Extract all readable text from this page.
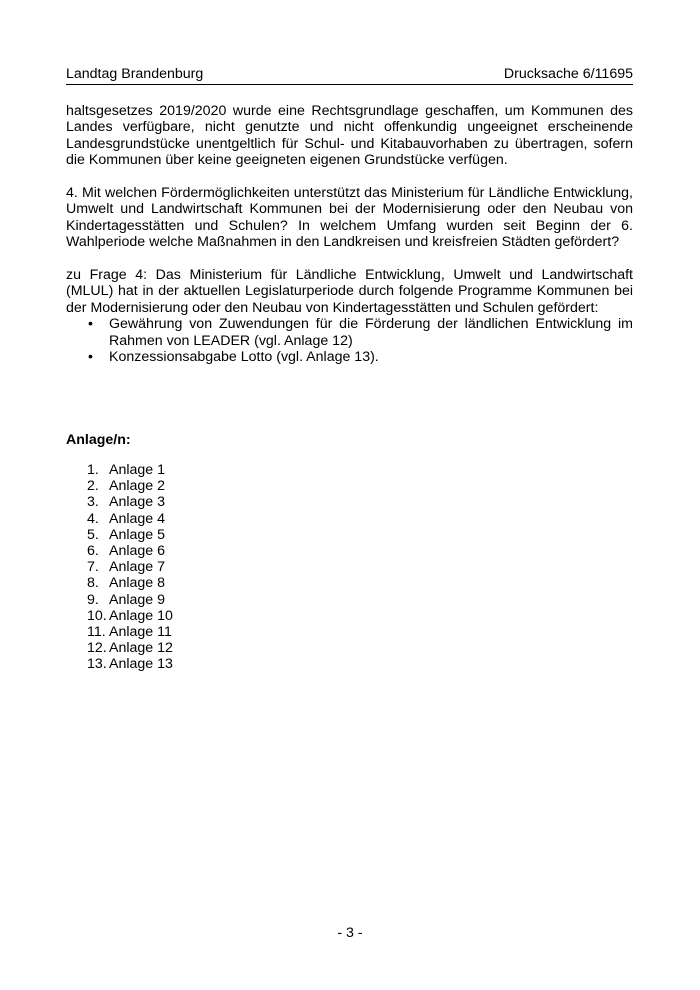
Landtag Brandenburg	Drucksache 6/11695

haltsgesetzes 2019/2020 wurde eine Rechtsgrundlage geschaffen, um Kommunen des Landes verfügbare, nicht genutzte und nicht offenkundig ungeeignet erscheinende Landesgrundstücke unentgeltlich für Schul- und Kitabauvorhaben zu übertragen, sofern die Kommunen über keine geeigneten eigenen Grundstücke verfügen.

4. Mit welchen Fördermöglichkeiten unterstützt das Ministerium für Ländliche Entwicklung, Umwelt und Landwirtschaft Kommunen bei der Modernisierung oder den Neubau von Kindertagesstätten und Schulen? In welchem Umfang wurden seit Beginn der 6. Wahlperiode welche Maßnahmen in den Landkreisen und kreisfreien Städten gefördert?

zu Frage 4: Das Ministerium für Ländliche Entwicklung, Umwelt und Landwirtschaft (MLUL) hat in der aktuellen Legislaturperiode durch folgende Programme Kommunen bei der Modernisierung oder den Neubau von Kindertagesstätten und Schulen gefördert:

• Gewährung von Zuwendungen für die Förderung der ländlichen Entwicklung im Rahmen von LEADER (vgl. Anlage 12)
• Konzessionsabgabe Lotto (vgl. Anlage 13).
Anlage/n:
1. Anlage 1
2. Anlage 2
3. Anlage 3
4. Anlage 4
5. Anlage 5
6. Anlage 6
7. Anlage 7
8. Anlage 8
9. Anlage 9
10. Anlage 10
11. Anlage 11
12. Anlage 12
13. Anlage 13
- 3 -
